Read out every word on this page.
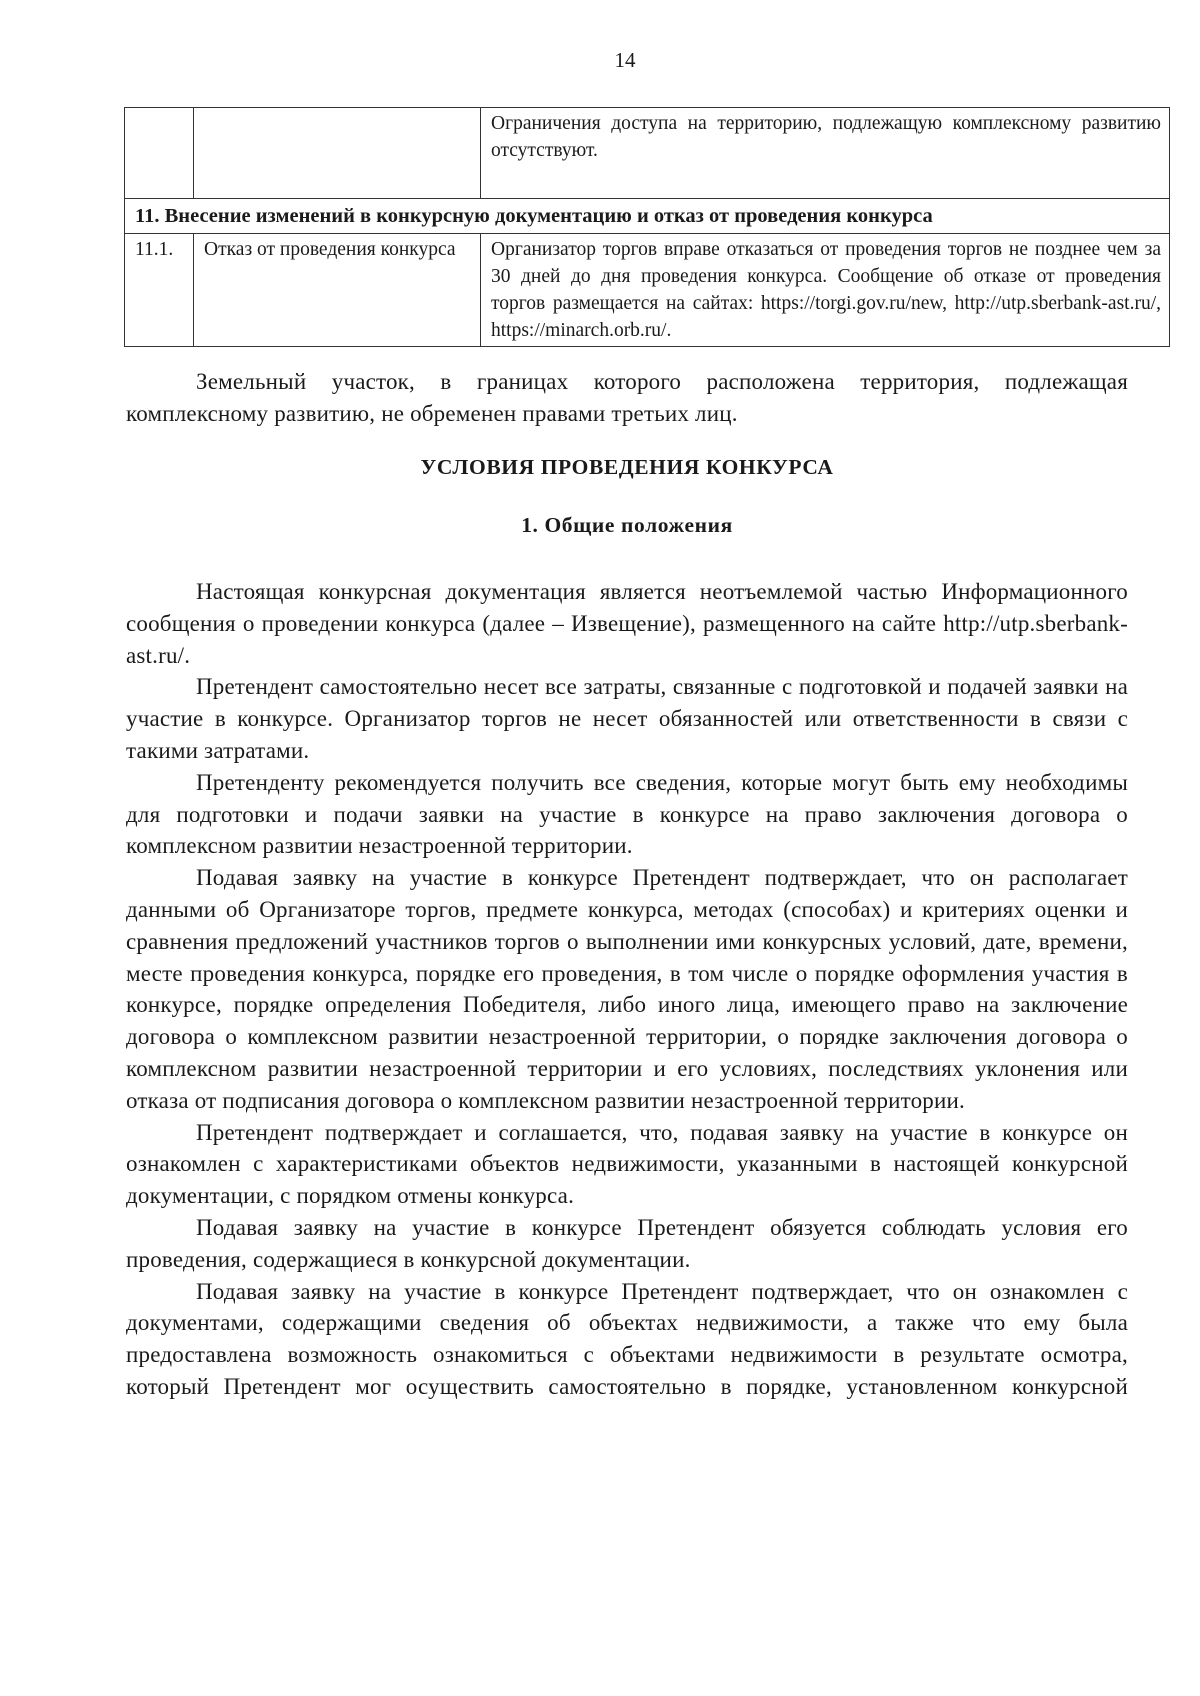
14
		Ограничения доступа на территорию, подлежащую комплексному развитию отсутствуют.
11. Внесение изменений в конкурсную документацию и отказ от проведения конкурса		
11.1.	Отказ от проведения конкурса	Организатор торгов вправе отказаться от проведения торгов не позднее чем за 30 дней до дня проведения конкурса. Сообщение об отказе от проведения торгов размещается на сайтах: https://torgi.gov.ru/new, http://utp.sberbank-ast.ru/, https://minarch.orb.ru/.

Земельный участок, в границах которого расположена территория, подлежащая комплексному развитию, не обременен правами третьих лиц.

УСЛОВИЯ ПРОВЕДЕНИЯ КОНКУРСА

1. Общие положения

Настоящая конкурсная документация является неотъемлемой частью Информационного сообщения о проведении конкурса (далее – Извещение), размещенного на сайте http://utp.sberbank-ast.ru/.

Претендент самостоятельно несет все затраты, связанные с подготовкой и подачей заявки на участие в конкурсе. Организатор торгов не несет обязанностей или ответственности в связи с такими затратами.

Претенденту рекомендуется получить все сведения, которые могут быть ему необходимы для подготовки и подачи заявки на участие в конкурсе на право заключения договора о комплексном развитии незастроенной территории.

Подавая заявку на участие в конкурсе Претендент подтверждает, что он располагает данными об Организаторе торгов, предмете конкурса, методах (способах) и критериях оценки и сравнения предложений участников торгов о выполнении ими конкурсных условий, дате, времени, месте проведения конкурса, порядке его проведения, в том числе о порядке оформления участия в конкурсе, порядке определения Победителя, либо иного лица, имеющего право на заключение договора о комплексном развитии незастроенной территории, о порядке заключения договора о комплексном развитии незастроенной территории и его условиях, последствиях уклонения или отказа от подписания договора о комплексном развитии незастроенной территории.

Претендент подтверждает и соглашается, что, подавая заявку на участие в конкурсе он ознакомлен с характеристиками объектов недвижимости, указанными в настоящей конкурсной документации, с порядком отмены конкурса.

Подавая заявку на участие в конкурсе Претендент обязуется соблюдать условия его проведения, содержащиеся в конкурсной документации.

Подавая заявку на участие в конкурсе Претендент подтверждает, что он ознакомлен с документами, содержащими сведения об объектах недвижимости, а также что ему была предоставлена возможность ознакомиться с объектами недвижимости в результате осмотра, который Претендент мог осуществить самостоятельно в порядке, установленном конкурсной
